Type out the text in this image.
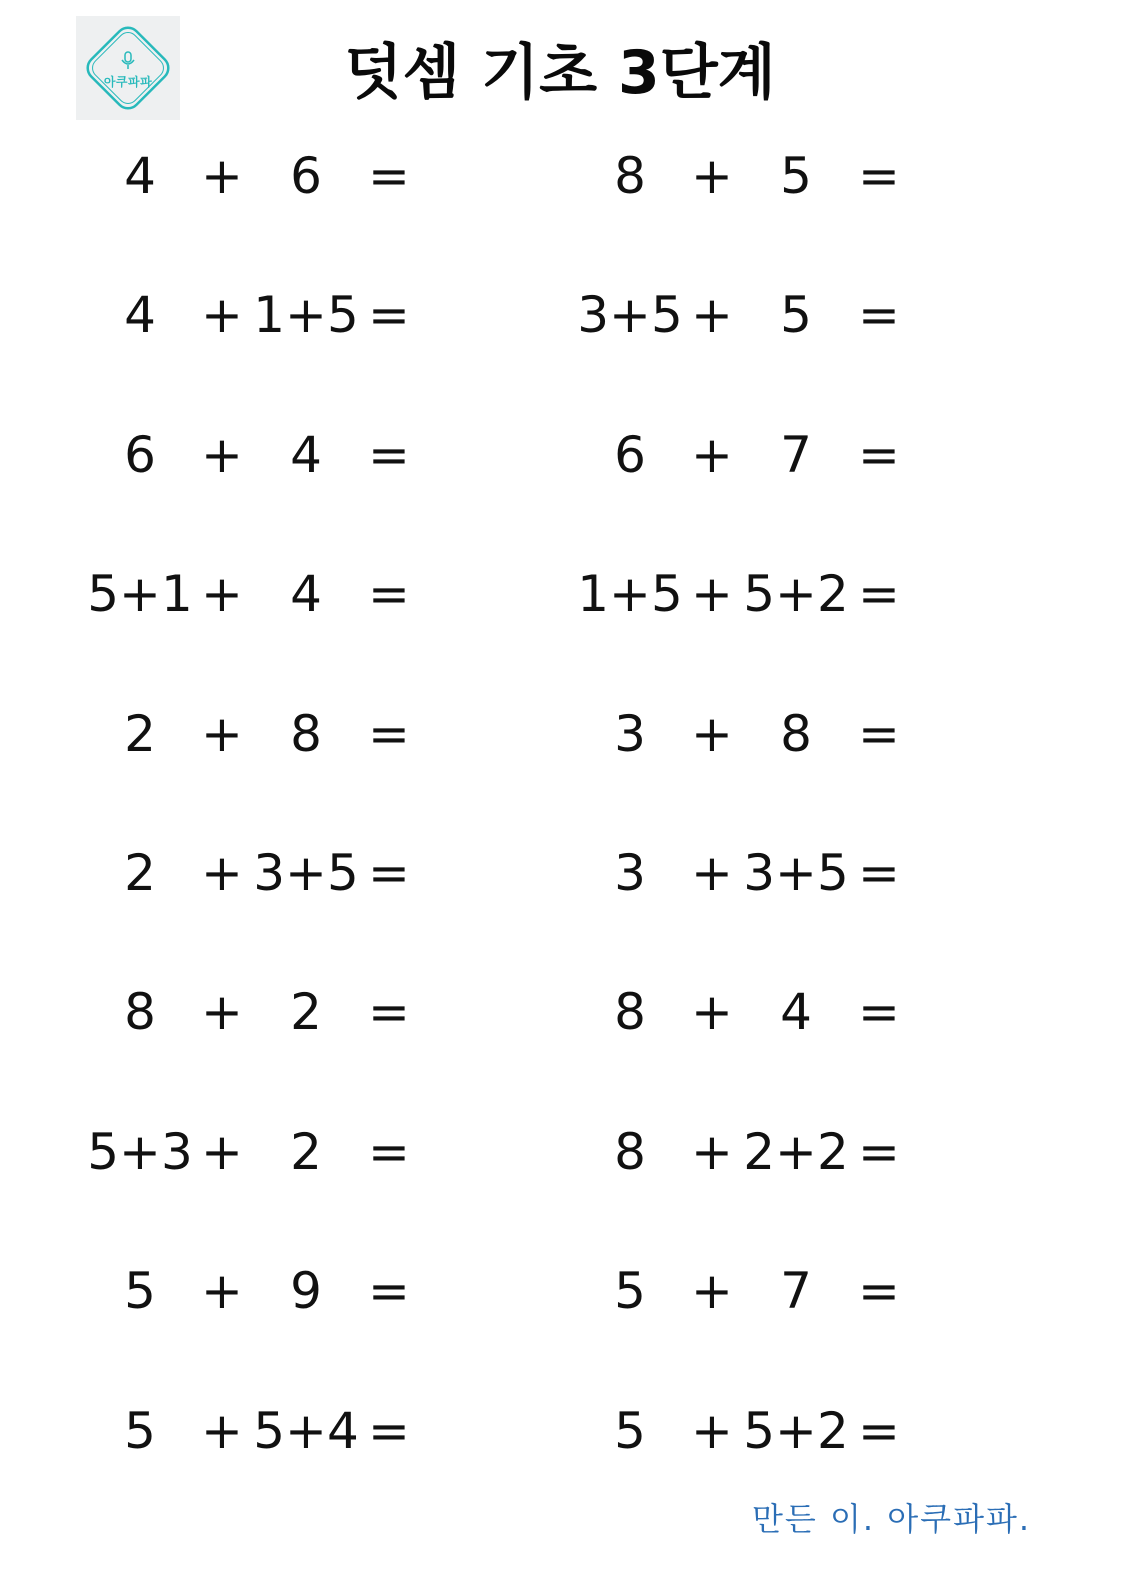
아쿠파파	덧셈 기초 3단계
4 + 6 =	8 + 5 =
4 + 1+5 =	3+5 + 5 =
6 + 4 =	6 + 7 =
5+1 + 4 =	1+5 + 5+2 =
2 + 8 =	3 + 8 =
2 + 3+5 =	3 + 3+5 =
8 + 2 =	8 + 4 =
5+3 + 2 =	8 + 2+2 =
5 + 9 =	5 + 7 =
5 + 5+4 =	5 + 5+2 =
만든 이. 아쿠파파.
